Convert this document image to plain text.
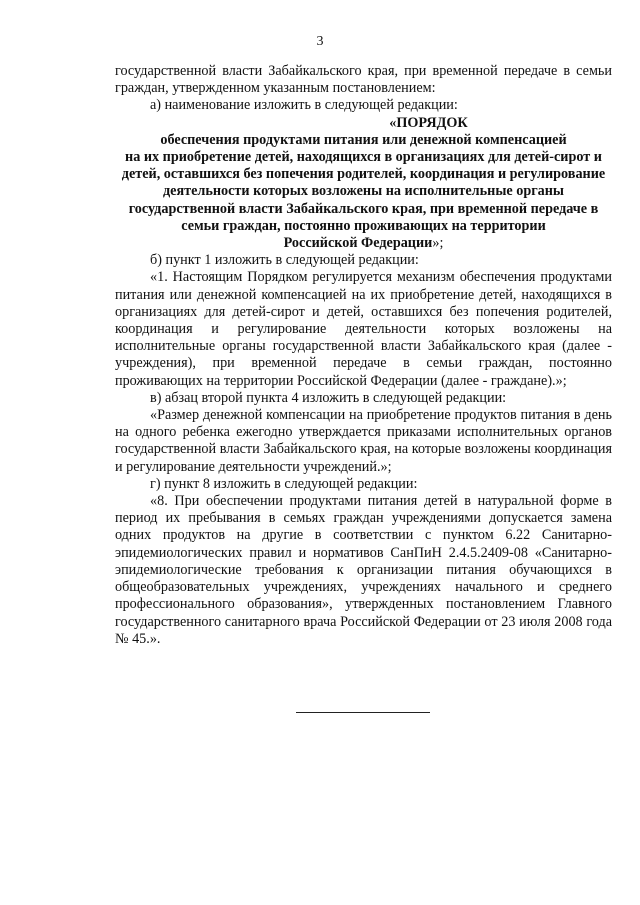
3

государственной власти Забайкальского края, при временной передаче в семьи граждан, утвержденном указанным постановлением:

а) наименование изложить в следующей редакции:

«ПОРЯДОК
обеспечения продуктами питания или денежной компенсацией
на их приобретение детей, находящихся в организациях для детей-сирот и детей, оставшихся без попечения родителей, координация и регулирование деятельности которых возложены на исполнительные органы государственной власти Забайкальского края, при временной передаче в семьи граждан, постоянно проживающих на территории
Российской Федерации»;

б) пункт 1 изложить в следующей редакции:

«1. Настоящим Порядком регулируется механизм обеспечения продуктами питания или денежной компенсацией на их приобретение детей, находящихся в организациях для детей-сирот и детей, оставшихся без попечения родителей, координация и регулирование деятельности которых возложены на исполнительные органы государственной власти Забайкальского края (далее - учреждения), при временной передаче в семьи граждан, постоянно проживающих на территории Российской Федерации (далее - граждане).»;

в) абзац второй пункта 4 изложить в следующей редакции:

«Размер денежной компенсации на приобретение продуктов питания в день на одного ребенка ежегодно утверждается приказами исполнительных органов государственной власти Забайкальского края, на которые возложены координация и регулирование деятельности учреждений.»;

г) пункт 8 изложить в следующей редакции:

«8. При обеспечении продуктами питания детей в натуральной форме в период их пребывания в семьях граждан учреждениями допускается замена одних продуктов на другие в соответствии с пунктом 6.22 Санитарно-эпидемиологических правил и нормативов СанПиН 2.4.5.2409-08 «Санитарно-эпидемиологические требования к организации питания обучающихся в общеобразовательных учреждениях, учреждениях начального и среднего профессионального образования», утвержденных постановлением Главного государственного санитарного врача Российской Федерации от 23 июля 2008 года № 45.».
